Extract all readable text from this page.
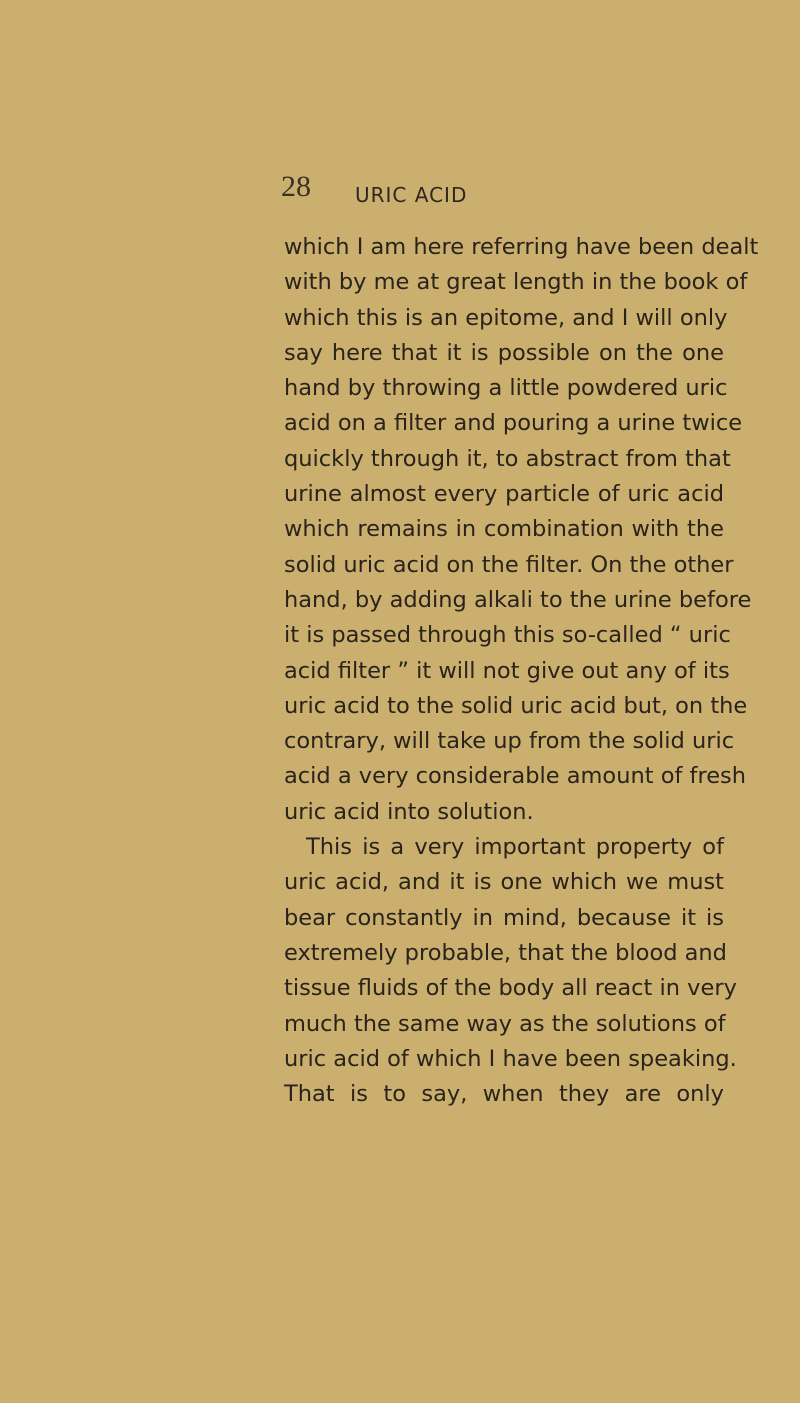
28 URIC ACID
which I am here referring have been dealt
with by me at great length in the book of
which this is an epitome, and I will only
say here that it is possible on the one
hand by throwing a little powdered uric
acid on a filter and pouring a urine twice
quickly through it, to abstract from that
urine almost every particle of uric acid
which remains in combination with the
solid uric acid on the filter. On the other
hand, by adding alkali to the urine before
it is passed through this so-called “ uric
acid filter ” it will not give out any of its
uric acid to the solid uric acid but, on the
contrary, will take up from the solid uric
acid a very considerable amount of fresh
uric acid into solution.
This is a very important property of
uric acid, and it is one which we must
bear constantly in mind, because it is
extremely probable, that the blood and
tissue fluids of the body all react in very
much the same way as the solutions of
uric acid of which I have been speaking.
That is to say, when they are only
